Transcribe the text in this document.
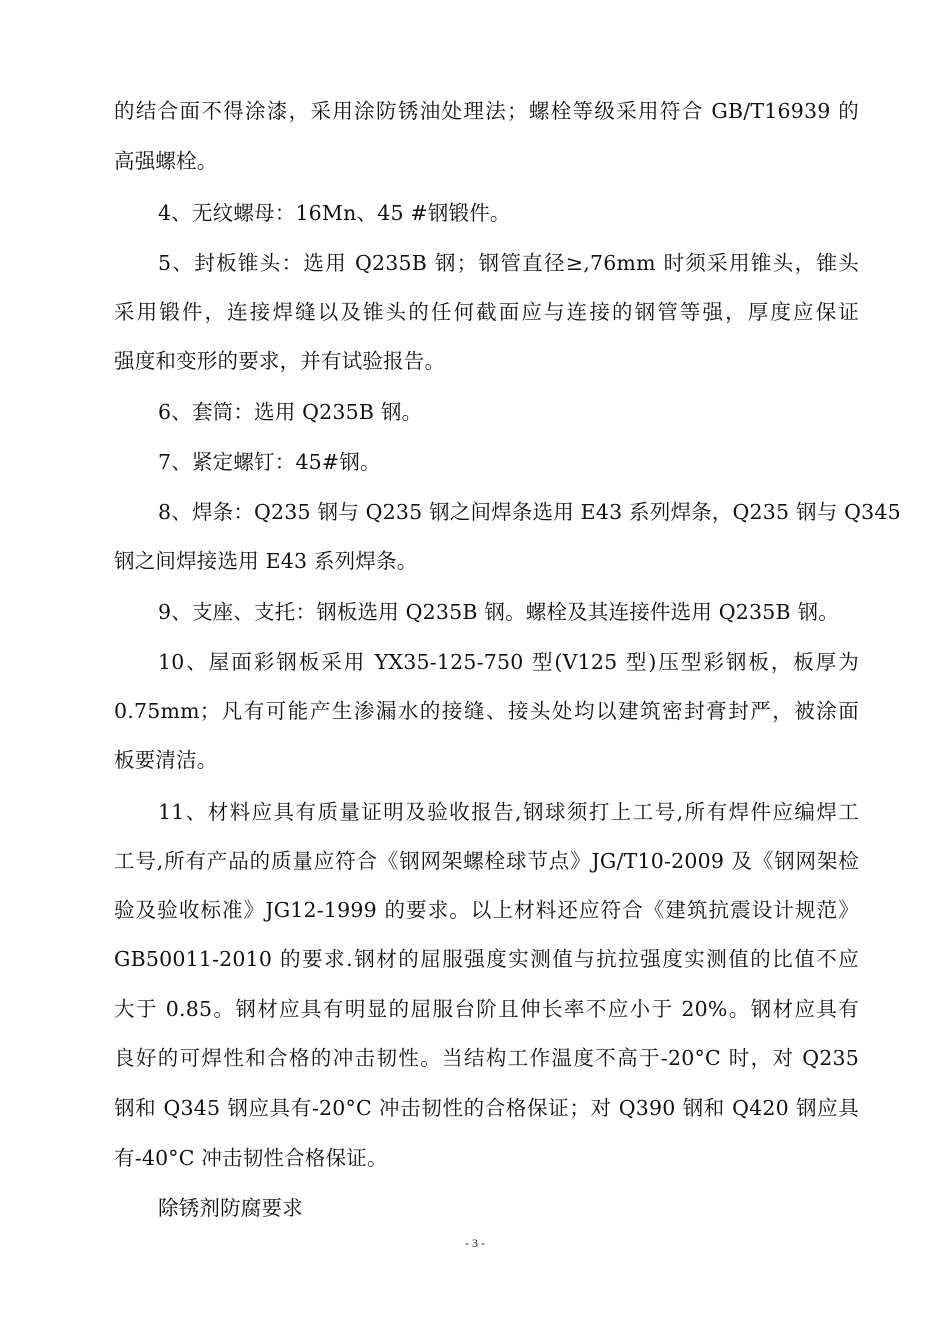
的结合面不得涂漆，采用涂防锈油处理法；螺栓等级采用符合 GB/T16939 的
高强螺栓。
4、无纹螺母：16Mn、45 #钢锻件。
5、封板锥头：选用 Q235B 钢；钢管直径≥,76mm 时须采用锥头，锥头
采用锻件，连接焊缝以及锥头的任何截面应与连接的钢管等强，厚度应保证
强度和变形的要求，并有试验报告。
6、套筒：选用 Q235B 钢。
7、紧定螺钉：45#钢。
8、焊条：Q235 钢与 Q235 钢之间焊条选用 E43 系列焊条，Q235 钢与 Q345
钢之间焊接选用 E43 系列焊条。
9、支座、支托：钢板选用 Q235B 钢。螺栓及其连接件选用 Q235B 钢。
10、屋面彩钢板采用 YX35-125-750 型(V125 型)压型彩钢板，板厚为
0.75mm；凡有可能产生渗漏水的接缝、接头处均以建筑密封膏封严，被涂面
板要清洁。
11、材料应具有质量证明及验收报告,钢球须打上工号,所有焊件应编焊工
工号,所有产品的质量应符合《钢网架螺栓球节点》JG/T10-2009 及《钢网架检
验及验收标准》JG12-1999 的要求。以上材料还应符合《建筑抗震设计规范》
GB50011-2010 的要求.钢材的屈服强度实测值与抗拉强度实测值的比值不应
大于 0.85。钢材应具有明显的屈服台阶且伸长率不应小于 20%。钢材应具有
良好的可焊性和合格的冲击韧性。当结构工作温度不高于-20°C 时，对 Q235
钢和 Q345 钢应具有-20°C 冲击韧性的合格保证；对 Q390 钢和 Q420 钢应具
有-40°C 冲击韧性合格保证。
除锈剂防腐要求
- 3 -
